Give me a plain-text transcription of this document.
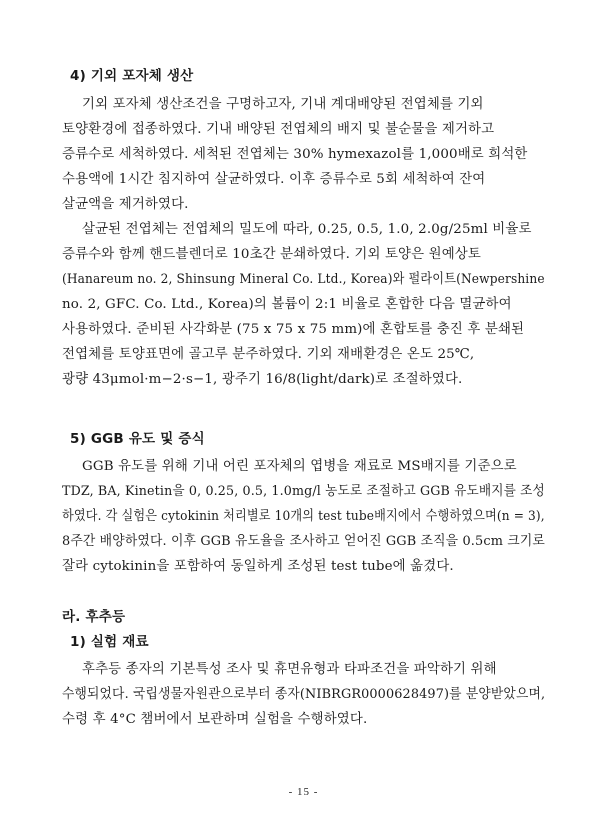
4) 기외 포자체 생산
기외 포자체 생산조건을 구명하고자, 기내 계대배양된 전엽체를 기외
토양환경에 접종하였다. 기내 배양된 전엽체의 배지 및 불순물을 제거하고
증류수로 세척하였다. 세척된 전엽체는 30% hymexazol를 1,000배로 희석한
수용액에 1시간 침지하여 살균하였다. 이후 증류수로 5회 세척하여 잔여
살균액을 제거하였다.
살균된 전엽체는 전엽체의 밀도에 따라, 0.25, 0.5, 1.0, 2.0g/25ml 비율로
증류수와 함께 핸드블렌더로 10초간 분쇄하였다. 기외 토양은 원예상토
(Hanareum no. 2, Shinsung Mineral Co. Ltd., Korea)와 펄라이트(Newpershine
no. 2, GFC. Co. Ltd., Korea)의 볼륨이 2:1 비율로 혼합한 다음 멸균하여
사용하였다. 준비된 사각화분 (75 x 75 x 75 mm)에 혼합토를 충진 후 분쇄된
전엽체를 토양표면에 골고루 분주하였다. 기외 재배환경은 온도 25℃,
광량 43μmol·m−2·s−1, 광주기 16/8(light/dark)로 조절하였다.
5) GGB 유도 및 증식
GGB 유도를 위해 기내 어린 포자체의 엽병을 재료로 MS배지를 기준으로
TDZ, BA, Kinetin을 0, 0.25, 0.5, 1.0mg/l 농도로 조절하고 GGB 유도배지를 조성
하였다. 각 실험은 cytokinin 처리별로 10개의 test tube배지에서 수행하였으며(n = 3),
8주간 배양하였다. 이후 GGB 유도율을 조사하고 얻어진 GGB 조직을 0.5cm 크기로
잘라 cytokinin을 포함하여 동일하게 조성된 test tube에 옮겼다.
라. 후추등
1) 실험 재료
후추등 종자의 기본특성 조사 및 휴면유형과 타파조건을 파악하기 위해
수행되었다. 국립생물자원관으로부터 종자(NIBRGR0000628497)를 분양받았으며,
수령 후 4°C 챔버에서 보관하며 실험을 수행하였다.
- 15 -
